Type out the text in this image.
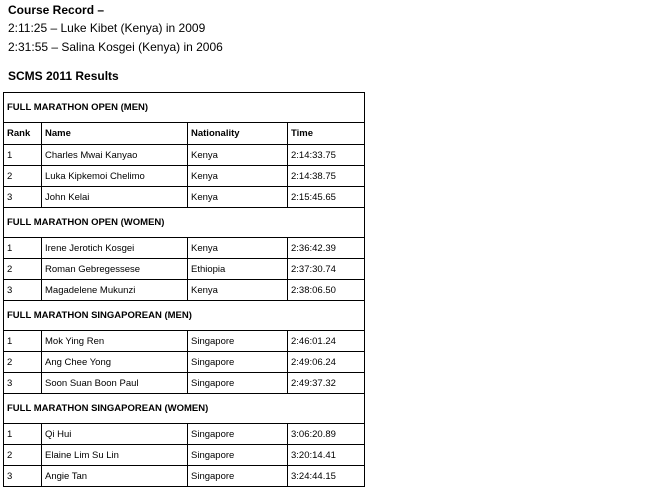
Course Record –
2:11:25 – Luke Kibet (Kenya) in 2009
2:31:55 – Salina Kosgei (Kenya) in 2006
SCMS 2011 Results
FULL MARATHON OPEN (MEN)			
Rank	Name	Nationality	Time
1	Charles Mwai Kanyao	Kenya	2:14:33.75
2	Luka Kipkemoi Chelimo	Kenya	2:14:38.75
3	John Kelai	Kenya	2:15:45.65
FULL MARATHON OPEN (WOMEN)			
1	Irene Jerotich Kosgei	Kenya	2:36:42.39
2	Roman Gebregessese	Ethiopia	2:37:30.74
3	Magadelene Mukunzi	Kenya	2:38:06.50
FULL MARATHON SINGAPOREAN (MEN)			
1	Mok Ying Ren	Singapore	2:46:01.24
2	Ang Chee Yong	Singapore	2:49:06.24
3	Soon Suan Boon Paul	Singapore	2:49:37.32
FULL MARATHON SINGAPOREAN (WOMEN)			
1	Qi Hui	Singapore	3:06:20.89
2	Elaine Lim Su Lin	Singapore	3:20:14.41
3	Angie Tan	Singapore	3:24:44.15
